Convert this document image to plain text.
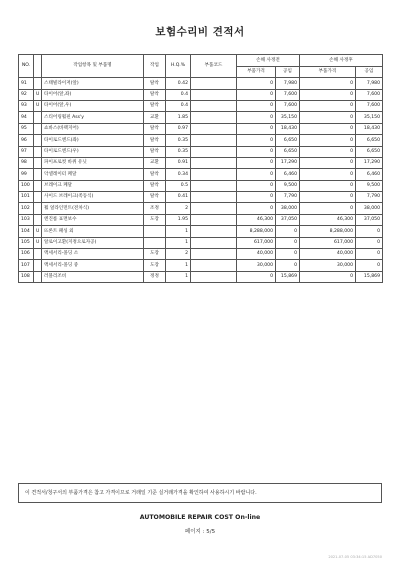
보험수리비 견적서
NO.		작업항목 및 부품명	작업	H.Q.%	부품코드	손해 사정전		손해 사정후	
						부품가격	공임	부품가격	공임
91		스태빌라이저(앞)	탈착	0.42		0	7,980	0	7,980
92	U	타이어(앞,좌)	탈착	0.4		0	7,600	0	7,600
93	U	타이어(앞,우)	탈착	0.4		0	7,600	0	7,600
94		스티어링휠핀 Ass'y	교환	1.85		0	35,150	0	35,150
95		쇼바스(바랙지어)	탈착	0.97		0	18,430	0	18,430
96		타이로드엔드(좌)	탈착	0.35		0	6,650	0	6,650
97		타이로드엔드(우)	탈착	0.35		0	6,650	0	6,650
98		파이프로컷 바퀴 유닛	교환	0.91		0	17,290	0	17,290
99		악셀레이터 페달	탈착	0.34		0	6,460	0	6,460
100		브레이크 페달	탈착	0.5		0	9,500	0	9,500
101		사이드 브레이크(족동식)	탈착	0.41		0	7,790	0	7,790
102		휠 얼라인먼트(전차식)	조정	2		0	38,000	0	38,000
103		엔진룸 표면보수	도장	1.95		46,300	37,050	46,300	37,050
104	U	뜨론트 패싱 외		1		8,288,000	0	8,288,000	0
105	U	알로이고환(지정으로자공)		1		617,000	0	617,000	0
106		액세서리-몰딩 소	도장	2		40,000	0	40,000	0
107		액세서리-몰딩 중	도장	1		30,000	0	30,000	0
108		러블리조비	정정	1		0	15,869	0	15,869
이 견적서/청구서의 부품가격은 참고 가격이므로 거래일 기준 실거래가격을 확인하여 사용하시기 바랍니다.
AUTOMOBILE REPAIR COST On-line
페이지 : 5/5
2021-07-05 03:34:15 AD7050
